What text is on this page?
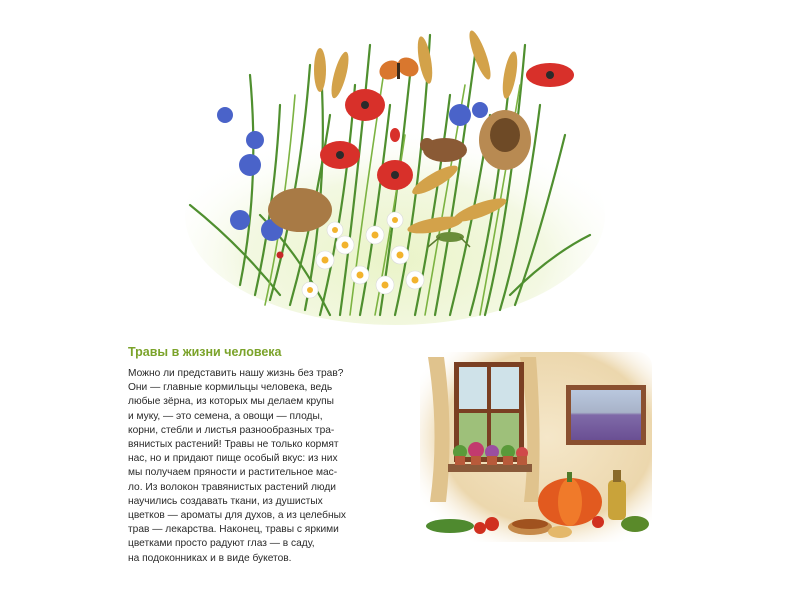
Травы в жизни человека
Можно ли представить нашу жизнь без трав?
Они — главные кормильцы человека, ведь
любые зёрна, из которых мы делаем крупы
и муку, — это семена, а овощи — плоды,
корни, стебли и листья разнообразных тра-
вянистых растений! Травы не только кормят
нас, но и придают пище особый вкус: из них
мы получаем пряности и растительное мас-
ло. Из волокон травянистых растений люди
научились создавать ткани, из душистых
цветков — ароматы для духов, а из целебных
трав — лекарства. Наконец, травы с яркими
цветками просто радуют глаз — в саду,
на подоконниках и в виде букетов.
